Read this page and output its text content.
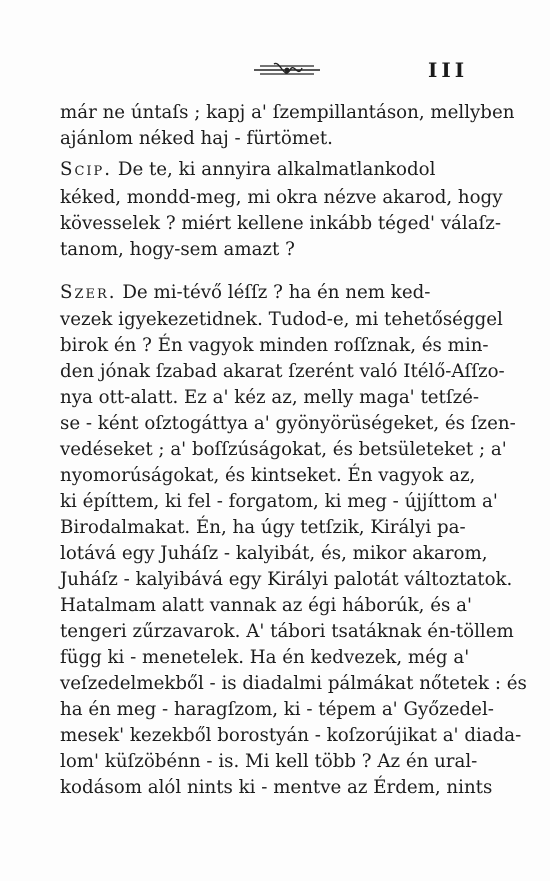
III
már ne úntaſs ; kapj a' ſzempillantáson, mellyben
ajánlom néked haj - fürtömet.
Scip. De te, ki annyira alkalmatlankodol
kéked, mondd-meg, mi okra nézve akarod, hogy
kövesselek ? miért kellene inkább téged' válaſz-
tanom, hogy-sem amazt ?
Szer. De mi-tévő léſſz ? ha én nem ked-
vezek igyekezetidnek. Tudod-e, mi tehetőséggel
birok én ? Én vagyok minden roſſznak, és min-
den jónak ſzabad akarat ſzerént való Itélő-Aſſzo-
nya ott-alatt. Ez a' kéz az, melly maga' tetſzé-
se - ként oſztogáttya a' gyönyörüségeket, és ſzen-
vedéseket ; a' boſſzúságokat, és betsületeket ; a'
nyomorúságokat, és kintseket. Én vagyok az,
ki építtem, ki fel - forgatom, ki meg - újjíttom a'
Birodalmakat. Én, ha úgy tetſzik, Királyi pa-
lotává egy Juháſz - kalyibát, és, mikor akarom,
Juháſz - kalyibává egy Királyi palotát változtatok.
Hatalmam alatt vannak az égi háborúk, és a'
tengeri zűrzavarok. A' tábori tsatáknak én-töllem
függ ki - menetelek. Ha én kedvezek, még a'
veſzedelmekből - is diadalmi pálmákat nőtetek : és
ha én meg - haragſzom, ki - tépem a' Győzedel-
mesek' kezekből borostyán - koſzorújikat a' diada-
lom' küſzöbénn - is. Mi kell több ? Az én ural-
kodásom alól nints ki - mentve az Érdem, nints
